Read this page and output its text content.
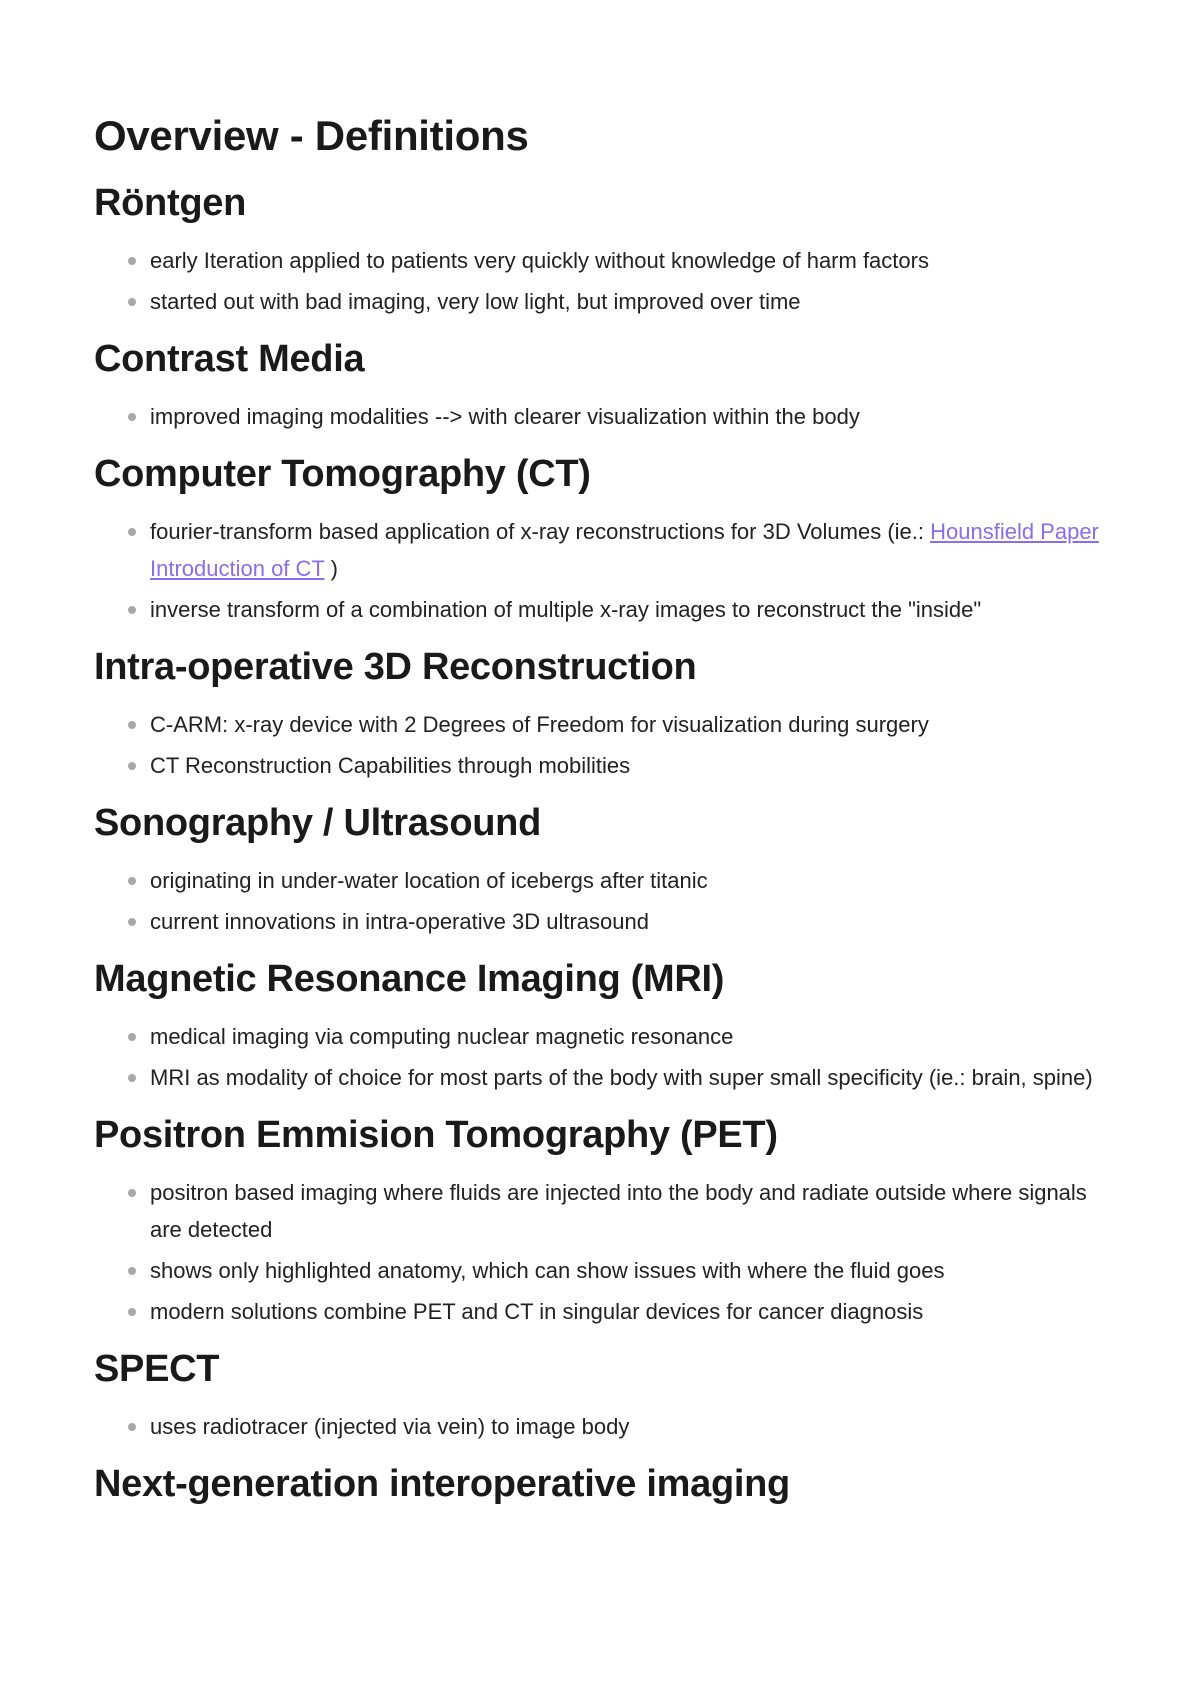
Overview - Definitions
Röntgen
early Iteration applied to patients very quickly without knowledge of harm factors
started out with bad imaging, very low light, but improved over time
Contrast Media
improved imaging modalities --> with clearer visualization within the body
Computer Tomography (CT)
fourier-transform based application of x-ray reconstructions for 3D Volumes (ie.: Hounsfield Paper Introduction of CT )
inverse transform of a combination of multiple x-ray images to reconstruct the "inside"
Intra-operative 3D Reconstruction
C-ARM: x-ray device with 2 Degrees of Freedom for visualization during surgery
CT Reconstruction Capabilities through mobilities
Sonography / Ultrasound
originating in under-water location of icebergs after titanic
current innovations in intra-operative 3D ultrasound
Magnetic Resonance Imaging (MRI)
medical imaging via computing nuclear magnetic resonance
MRI as modality of choice for most parts of the body with super small specificity (ie.: brain, spine)
Positron Emmision Tomography (PET)
positron based imaging where fluids are injected into the body and radiate outside where signals are detected
shows only highlighted anatomy, which can show issues with where the fluid goes
modern solutions combine PET and CT in singular devices for cancer diagnosis
SPECT
uses radiotracer (injected via vein) to image body
Next-generation interoperative imaging
